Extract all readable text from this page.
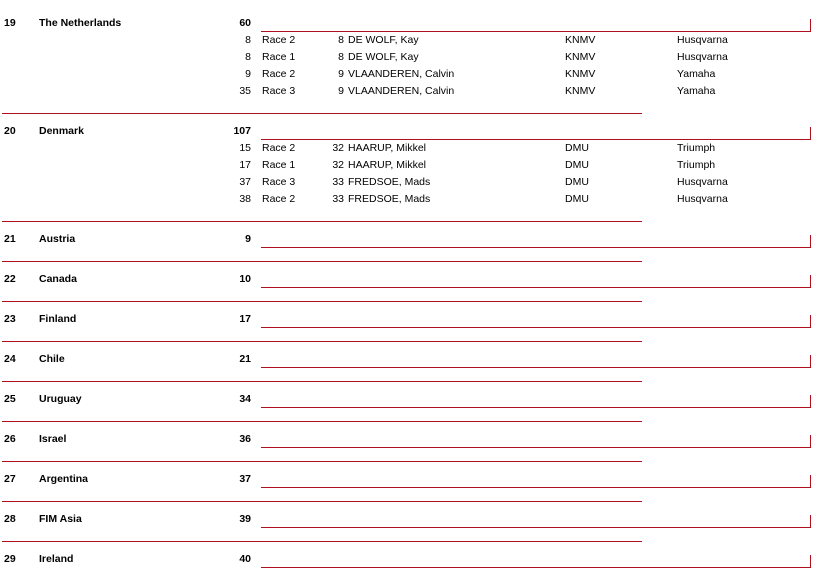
19 The Netherlands	60
8 Race 2	8 DE WOLF, Kay	KNMV	Husqvarna
8 Race 1	8 DE WOLF, Kay	KNMV	Husqvarna
9 Race 2	9 VLAANDEREN, Calvin	KNMV	Yamaha
35 Race 3	9 VLAANDEREN, Calvin	KNMV	Yamaha
20 Denmark	107
15 Race 2	32 HAARUP, Mikkel	DMU	Triumph
17 Race 1	32 HAARUP, Mikkel	DMU	Triumph
37 Race 3	33 FREDSOE, Mads	DMU	Husqvarna
38 Race 2	33 FREDSOE, Mads	DMU	Husqvarna
21 Austria	9
22 Canada	10
23 Finland	17
24 Chile	21
25 Uruguay	34
26 Israel	36
27 Argentina	37
28 FIM Asia	39
29 Ireland	40
